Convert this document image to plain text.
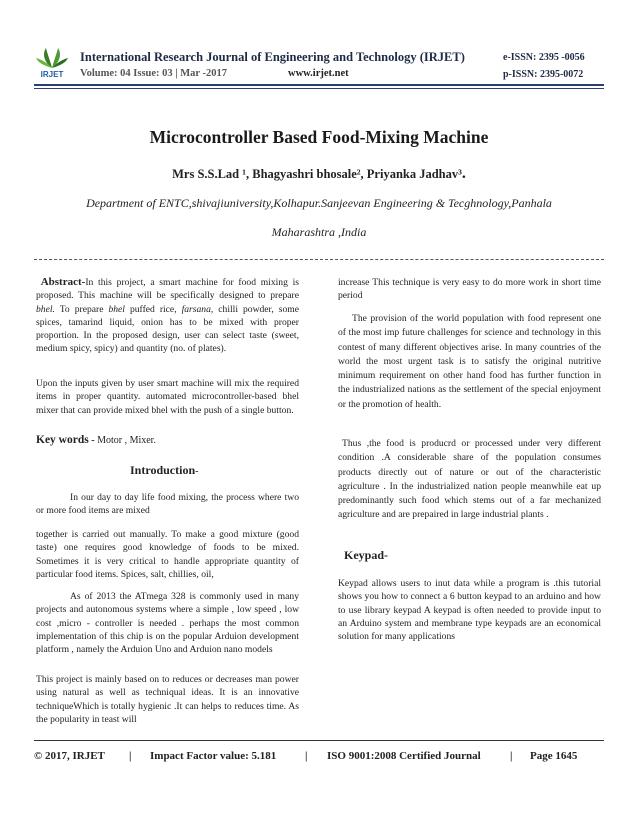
IRJET
International Research Journal of Engineering and Technology (IRJET)
Volume: 04 Issue: 03 | Mar -2017	www.irjet.net
e-ISSN: 2395 -0056
p-ISSN: 2395-0072
Microcontroller Based Food-Mixing Machine
Mrs S.S.Lad ¹, Bhagyashri bhosale², Priyanka Jadhav³.
Department of ENTC,shivajiuniversity,Kolhapur.Sanjeevan Engineering & Tecghnology,Panhala
Maharashtra ,India

Abstract-In this project, a smart machine for food mixing is proposed. This machine will be specifically designed to prepare bhel. To prepare bhel puffed rice, farsana, chilli powder, some spices, tamarind liquid, onion has to be mixed with proper proportion. In the proposed design, user can select taste (sweet, medium spicy, spicy) and quantity (no. of plates).

Upon the inputs given by user smart machine will mix the required items in proper quantity. automated microcontroller-based bhel mixer that can provide mixed bhel with the push of a single button.
Key words - Motor , Mixer.
Introduction-
In our day to day life food mixing, the process where two or more food items are mixed
together is carried out manually. To make a good mixture (good taste) one requires good knowledge of foods to be mixed. Sometimes it is very critical to handle appropriate quantity of particular food items. Spices, salt, chillies, oil,
As of 2013 the ATmega 328 is commonly used in many projects and autonomous systems where a simple , low speed , low cost ,micro - controller is needed . perhaps the most common implementation of this chip is on the popular Arduion development platform , namely the Arduion Uno and Arduion nano models
This project is mainly based on to reduces or decreases man power using natural as well as techniqual ideas. It is an innovative techniqueWhich is totally hygienic .It can helps to reduces time. As the popularity in teast will
increase This technique is very easy to do more work in short time period
The provision of the world population with food represent one of the most imp future challenges for science and technology in this contest of many different objectives arise. In many countries of the world the most urgent task is to satisfy the original nutritive minimum requirement on other hand food has further function in the industrialized nations as the settlement of the special enjoyment or the promotion of health.
Thus ,the food is producrd or processed under very different condition .A considerable share of the population consumes products directly out of nature or out of the characteristic agriculture . In the industrialized nation people meanwhile eat up predominantly such food which stems out of a far mechanized agriculture and are prepaired in large industrial plants .
Keypad-
Keypad allows users to inut data while a program is .this tutorial shows you how to connect a 6 button keypad to an arduino and how to use library keypad A keypad is often needed to provide input to an Arduino system and membrane type keypads are an economical solution for many applications
© 2017, IRJET | Impact Factor value: 5.181	| ISO 9001:2008 Certified Journal	| Page 1645
